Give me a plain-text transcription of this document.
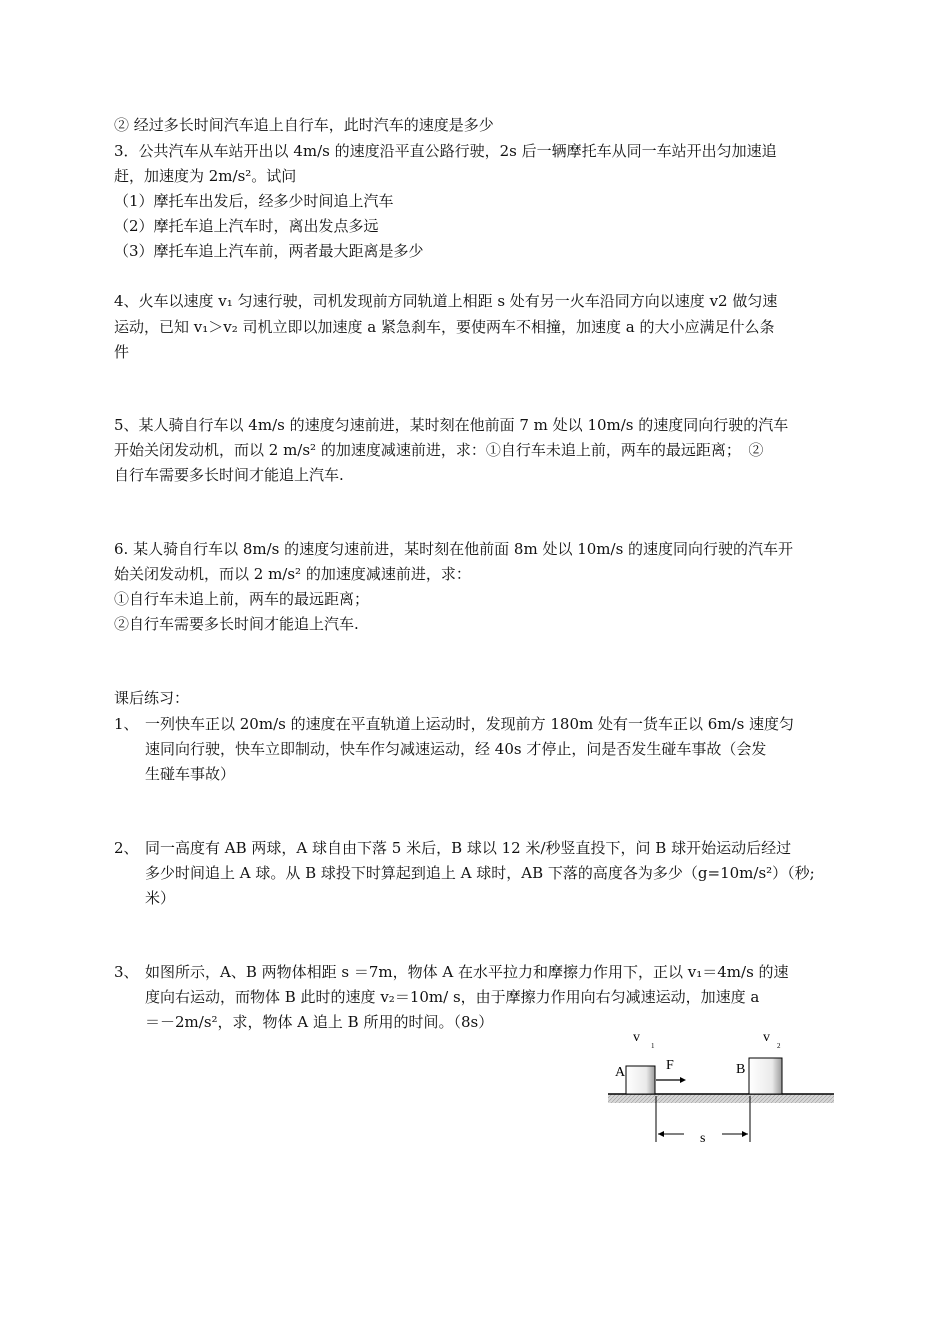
② 经过多长时间汽车追上自行车，此时汽车的速度是多少
3．公共汽车从车站开出以 4m/s 的速度沿平直公路行驶，2s 后一辆摩托车从同一车站开出匀加速追
赶，加速度为 2m/s²。试问
（1）摩托车出发后，经多少时间追上汽车
（2）摩托车追上汽车时，离出发点多远
（3）摩托车追上汽车前，两者最大距离是多少
4、火车以速度 v₁ 匀速行驶，司机发现前方同轨道上相距 s 处有另一火车沿同方向以速度 v2 做匀速
运动，已知 v₁＞v₂ 司机立即以加速度 a 紧急刹车，要使两车不相撞，加速度 a 的大小应满足什么条
件
5、某人骑自行车以 4m/s 的速度匀速前进，某时刻在他前面 7 m 处以 10m/s 的速度同向行驶的汽车
开始关闭发动机，而以 2 m/s² 的加速度减速前进，求：①自行车未追上前，两车的最远距离；　②
自行车需要多长时间才能追上汽车.
6. 某人骑自行车以 8m/s 的速度匀速前进，某时刻在他前面 8m 处以 10m/s 的速度同向行驶的汽车开
始关闭发动机，而以 2 m/s² 的加速度减速前进，求：
①自行车未追上前，两车的最远距离；
②自行车需要多长时间才能追上汽车.
课后练习：
1、 一列快车正以 20m/s 的速度在平直轨道上运动时，发现前方 180m 处有一货车正以 6m/s 速度匀
速同向行驶，快车立即制动，快车作匀减速运动，经 40s 才停止，问是否发生碰车事故（会发
生碰车事故）
2、 同一高度有 AB 两球，A 球自由下落 5 米后，B 球以 12 米/秒竖直投下，问 B 球开始运动后经过
多少时间追上 A 球。从 B 球投下时算起到追上 A 球时，AB 下落的高度各为多少（g=10m/s²）（秒;
米）
3、 如图所示，A、B 两物体相距 s ＝7m，物体 A 在水平拉力和摩擦力作用下，正以 v₁＝4m/s 的速
度向右运动，而物体 B 此时的速度 v₂＝10m/ s，由于摩擦力作用向右匀减速运动，加速度 a
＝－2m/s²，求，物体 A 追上 B 所用的时间。（8s）
v
1
v
2
A	F	B
s
